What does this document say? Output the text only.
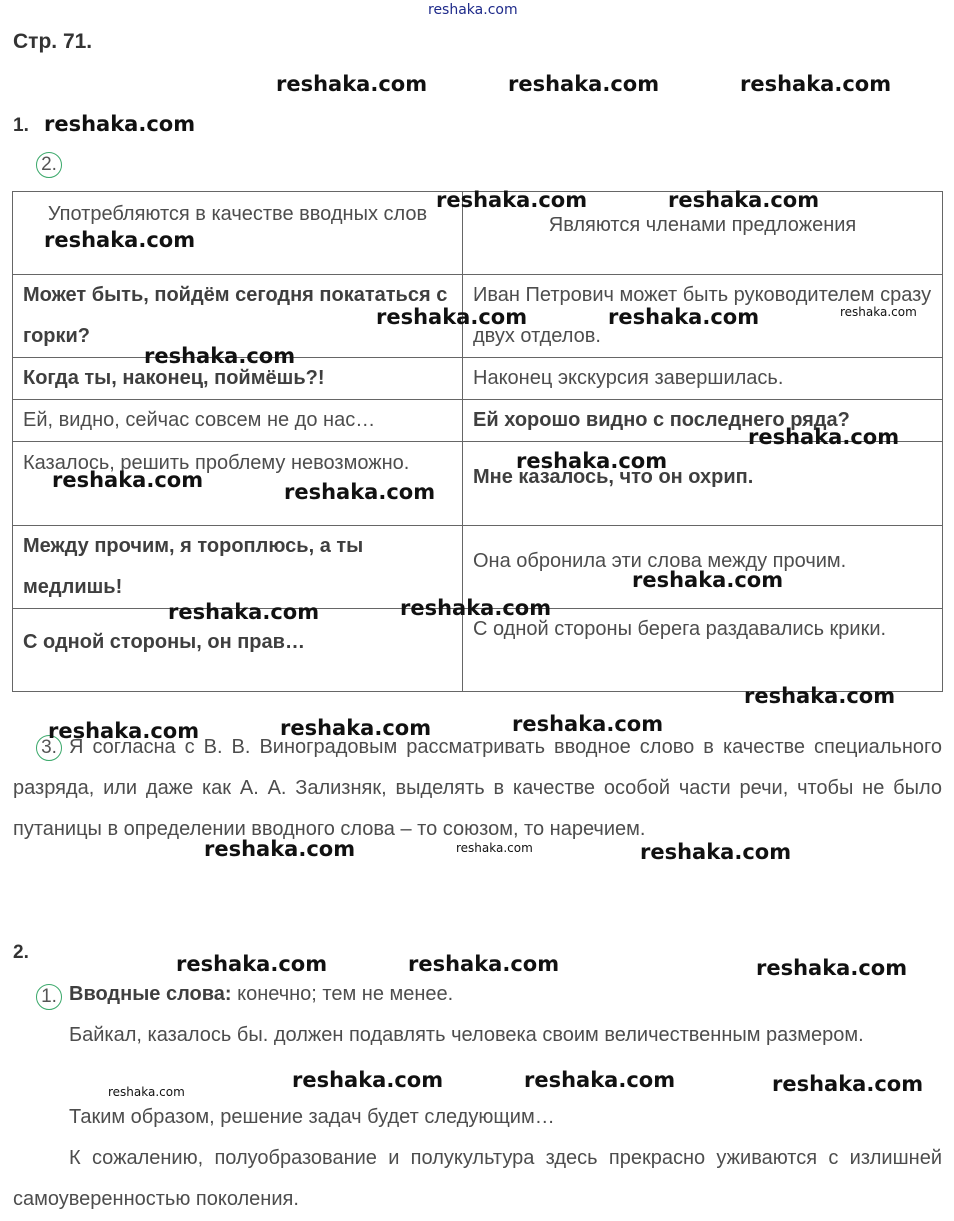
reshaka.com
Стр. 71.
1.
2.
Употребляются в качестве вводных слов	Являются членами предложения
Может быть, пойдём сегодня покататься с горки?	Иван Петрович может быть руководителем сразу двух отделов.
Когда ты, наконец, поймёшь?!	Наконец экскурсия завершилась.
Ей, видно, сейчас совсем не до нас…	Ей хорошо видно с последнего ряда?
Казалось, решить проблему невозможно.	Мне казалось, что он охрип.
Между прочим, я тороплюсь, а ты медлишь!	Она обронила эти слова между прочим.
С одной стороны, он прав…	С одной стороны берега раздавались крики.
3. Я согласна с В. В. Виноградовым рассматривать вводное слово в качестве специального разряда, или даже как А. А. Зализняк, выделять в качестве особой части речи, чтобы не было путаницы в определении вводного слова – то союзом, то наречием.
2.
1. Вводные слова: конечно; тем не менее.
Байкал, казалось бы. должен подавлять человека своим величественным размером.
Таким образом, решение задач будет следующим…
К сожалению, полуобразование и полукультура здесь прекрасно уживаются с излишней самоуверенностью поколения.
reshaka.com	reshaka.com	reshaka.com
reshaka.com
reshaka.com	reshaka.com
reshaka.com
reshaka.com	reshaka.com	reshaka.com
reshaka.com
reshaka.com
reshaka.com
reshaka.com	reshaka.com
reshaka.com
reshaka.com
reshaka.com
reshaka.com
reshaka.com
reshaka.com	reshaka.com
reshaka.com	reshaka.com	reshaka.com
reshaka.com	reshaka.com	reshaka.com
reshaka.com	reshaka.com	reshaka.com
reshaka.com
